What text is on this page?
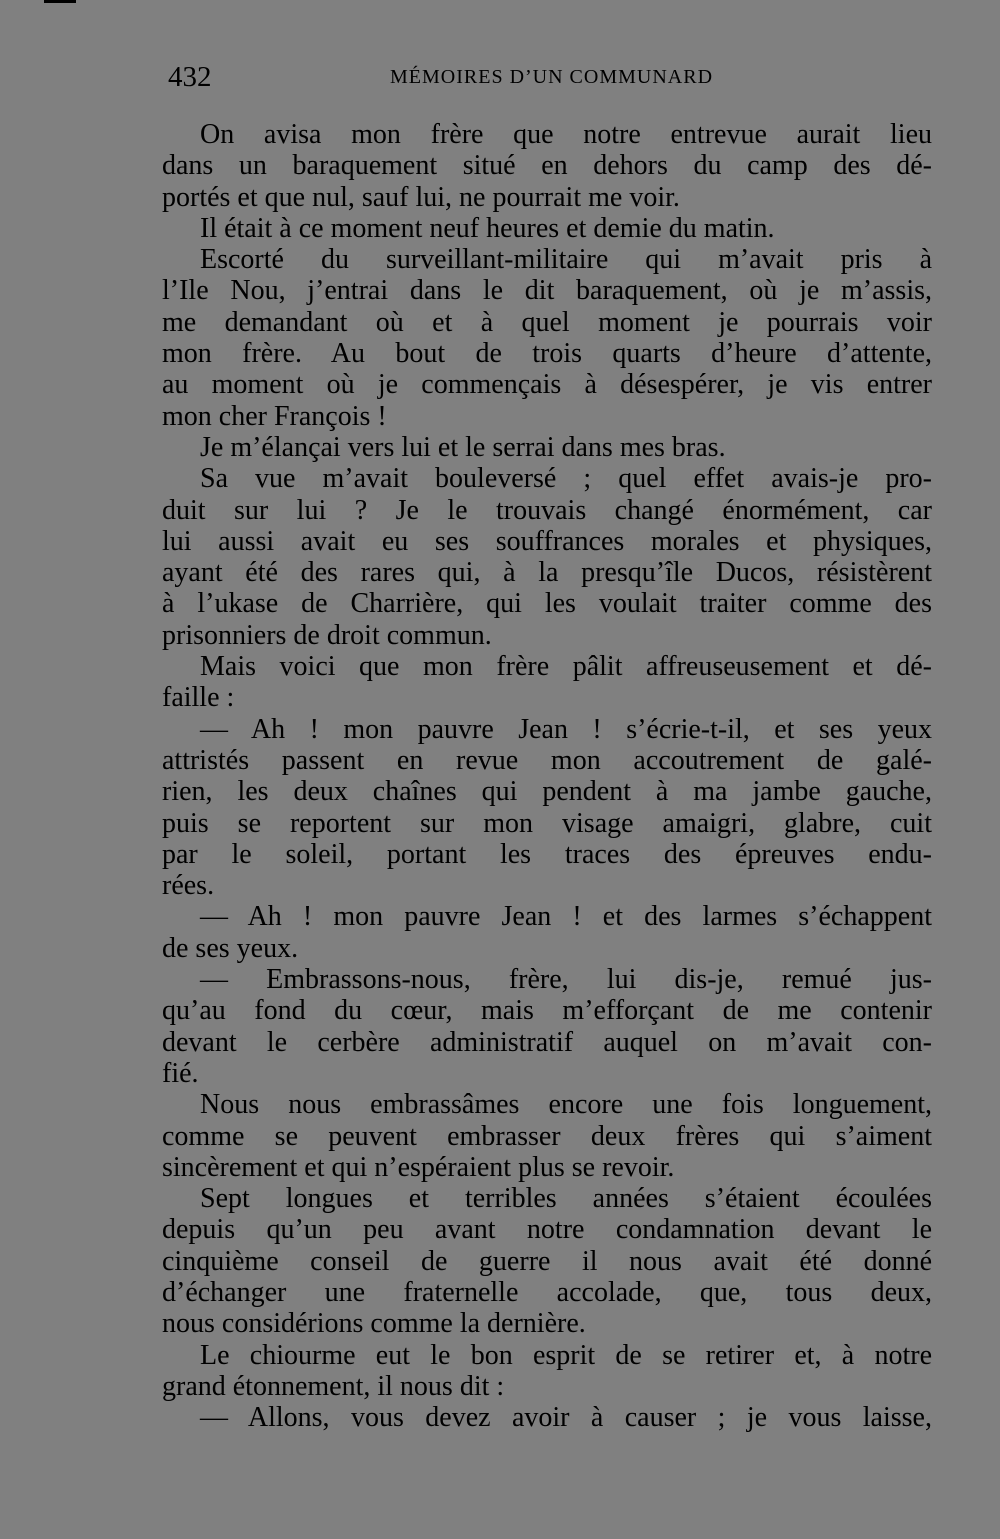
432	MÉMOIRES D’UN COMMUNARD
On avisa mon frère que notre entrevue aurait lieu
dans un baraquement situé en dehors du camp des dé-
portés et que nul, sauf lui, ne pourrait me voir.
Il était à ce moment neuf heures et demie du matin.
Escorté du surveillant-militaire qui m’avait pris à
l’Ile Nou, j’entrai dans le dit baraquement, où je m’assis,
me demandant où et à quel moment je pourrais voir
mon frère. Au bout de trois quarts d’heure d’attente,
au moment où je commençais à désespérer, je vis entrer
mon cher François !
Je m’élançai vers lui et le serrai dans mes bras.
Sa vue m’avait bouleversé ; quel effet avais-je pro-
duit sur lui ? Je le trouvais changé énormément, car
lui aussi avait eu ses souffrances morales et physiques,
ayant été des rares qui, à la presqu’île Ducos, résistèrent
à l’ukase de Charrière, qui les voulait traiter comme des
prisonniers de droit commun.
Mais voici que mon frère pâlit affreuseusement et dé-
faille :
— Ah ! mon pauvre Jean ! s’écrie-t-il, et ses yeux
attristés passent en revue mon accoutrement de galé-
rien, les deux chaînes qui pendent à ma jambe gauche,
puis se reportent sur mon visage amaigri, glabre, cuit
par le soleil, portant les traces des épreuves endu-
rées.
— Ah ! mon pauvre Jean ! et des larmes s’échappent
de ses yeux.
— Embrassons-nous, frère, lui dis-je, remué jus-
qu’au fond du cœur, mais m’efforçant de me contenir
devant le cerbère administratif auquel on m’avait con-
fié.
Nous nous embrassâmes encore une fois longuement,
comme se peuvent embrasser deux frères qui s’aiment
sincèrement et qui n’espéraient plus se revoir.
Sept longues et terribles années s’étaient écoulées
depuis qu’un peu avant notre condamnation devant le
cinquième conseil de guerre il nous avait été donné
d’échanger une fraternelle accolade, que, tous deux,
nous considérions comme la dernière.
Le chiourme eut le bon esprit de se retirer et, à notre
grand étonnement, il nous dit :
— Allons, vous devez avoir à causer ; je vous laisse,
